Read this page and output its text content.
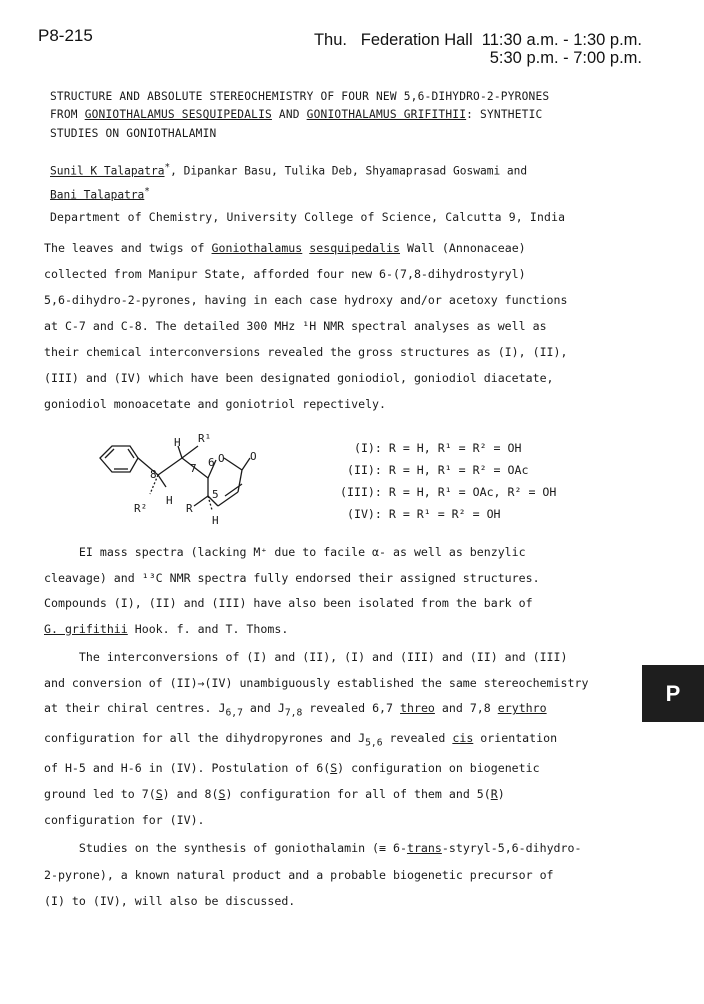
P8-215	Thu. Federation Hall 11:30 a.m. - 1:30 p.m.
5:30 p.m. - 7:00 p.m.
STRUCTURE AND ABSOLUTE STEREOCHEMISTRY OF FOUR NEW 5,6-DIHYDRO-2-PYRONES
FROM GONIOTHALAMUS SESQUIPEDALIS AND GONIOTHALAMUS GRIFITHII: SYNTHETIC
STUDIES ON GONIOTHALAMIN
Sunil K Talapatra*, Dipankar Basu, Tulika Deb, Shyamaprasad Goswami and
Bani Talapatra*
Department of Chemistry, University College of Science, Calcutta 9, India
The leaves and twigs of Goniothalamus sesquipedalis Wall (Annonaceae)
collected from Manipur State, afforded four new 6-(7,8-dihydrostyryl)
5,6-dihydro-2-pyrones, having in each case hydroxy and/or acetoxy functions
at C-7 and C-8. The detailed 300 MHz ¹H NMR spectral analyses as well as
their chemical interconversions revealed the gross structures as (I), (II),
(III) and (IV) which have been designated goniodiol, goniodiol diacetate,
goniodiol monoacetate and goniotriol repectively.
H R¹
7 6 O O
8
5
R²
H
R
H
(I): R = H, R¹ = R² = OH
(II): R = H, R¹ = R² = OAc
(III): R = H, R¹ = OAc, R² = OH
(IV): R = R¹ = R² = OH
EI mass spectra (lacking M⁺ due to facile α- as well as benzylic
cleavage) and ¹³C NMR spectra fully endorsed their assigned structures.
Compounds (I), (II) and (III) have also been isolated from the bark of
G. grifithii Hook. f. and T. Thoms.
The interconversions of (I) and (II), (I) and (III) and (II) and (III)
and conversion of (II)→(IV) unambiguously established the same stereochemistry
at their chiral centres. $J_{6,7}$ and $J_{7,8}$ revealed 6,7 threo and 7,8 erythro
configuration for all the dihydropyrones and $J_{5,6}$ revealed cis orientation
of H-5 and H-6 in (IV). Postulation of 6(S) configuration on biogenetic
ground led to 7(S) and 8(S) configuration for all of them and 5(R)
configuration for (IV).
Studies on the synthesis of goniothalamin (≡ 6-trans-styryl-5,6-dihydro-
2-pyrone), a known natural product and a probable biogenetic precursor of
(I) to (IV), will also be discussed.
P
